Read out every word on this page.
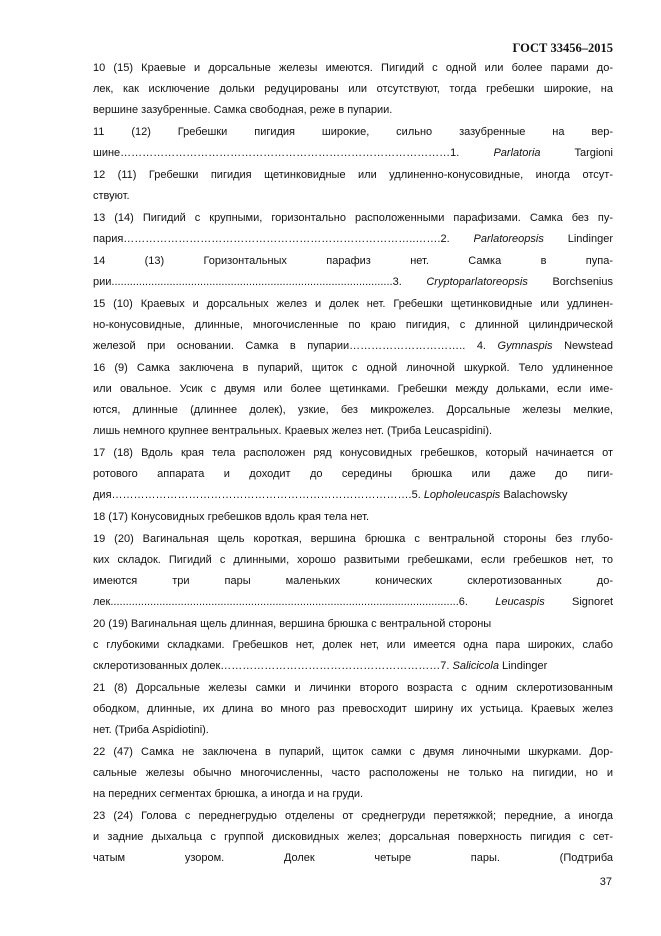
ГОСТ 33456–2015
10 (15) Краевые и дорсальные железы имеются. Пигидий с одной или более парами до-
лек, как исключение дольки редуцированы или отсутствуют, тогда гребешки широкие, на
вершине зазубренные. Самка свободная, реже в пупарии.
11 (12) Гребешки пигидия широкие, сильно зазубренные на вер-
шине………………………………………………………………………………1. Parlatoria Targioni
12 (11) Гребешки пигидия щетинковидные или удлиненно-конусовидные, иногда отсут-
ствуют.
13 (14) Пигидий с крупными, горизонтально расположенными парафизами. Самка без пу-
пария……………………………………………………………………..…….2. Parlatoreopsis Lindinger
14 (13) Горизонтальных парафиз нет. Самка в пупа-
рии............................................................................................3. Cryptoparlatoreopsis Borchsenius
15 (10) Краевых и дорсальных желез и долек нет. Гребешки щетинковидные или удлинен-
но-конусовидные, длинные, многочисленные по краю пигидия, с длинной цилиндрической
железой при основании. Самка в пупарии………………………….. 4. Gymnaspis Newstead
16 (9) Самка заключена в пупарий, щиток с одной линочной шкуркой. Тело удлиненное
или овальное. Усик с двумя или более щетинками. Гребешки между дольками, если име-
ются, длинные (длиннее долек), узкие, без микрожелез. Дорсальные железы мелкие,
лишь немного крупнее вентральных. Краевых желез нет. (Триба Leucaspidini).
17 (18) Вдоль края тела расположен ряд конусовидных гребешков, который начинается от
ротового аппарата и доходит до середины брюшка или даже до пиги-
дия……………………………………………………………………….5. Lopholeucaspis Balachowsky
18 (17) Конусовидных гребешков вдоль края тела нет.
19 (20) Вагинальная щель короткая, вершина брюшка с вентральной стороны без глубо-
ких складок. Пигидий с длинными, хорошо развитыми гребешками, если гребешков нет, то
имеются три пары маленьких конических склеротизованных до-
лек..................................................................................................................6. Leucaspis Signoret
20 (19) Вагинальная щель длинная, вершина брюшка с вентральной стороны
с глубокими складками. Гребешков нет, долек нет, или имеется одна пара широких, слабо
склеротизованных долек……………………………………………………7. Salicicola Lindinger
21 (8) Дорсальные железы самки и личинки второго возраста с одним склеротизованным
ободком, длинные, их длина во много раз превосходит ширину их устьица. Краевых желез
нет. (Триба Aspidiotini).
22 (47) Самка не заключена в пупарий, щиток самки с двумя линочными шкурками. Дор-
сальные железы обычно многочисленны, часто расположены не только на пигидии, но и
на передних сегментах брюшка, а иногда и на груди.
23 (24) Голова с переднегрудью отделены от среднегруди перетяжкой; передние, а иногда
и задние дыхальца с группой дисковидных желез; дорсальная поверхность пигидия с сет-
чатым узором. Долек четыре пары. (Подтриба
37
